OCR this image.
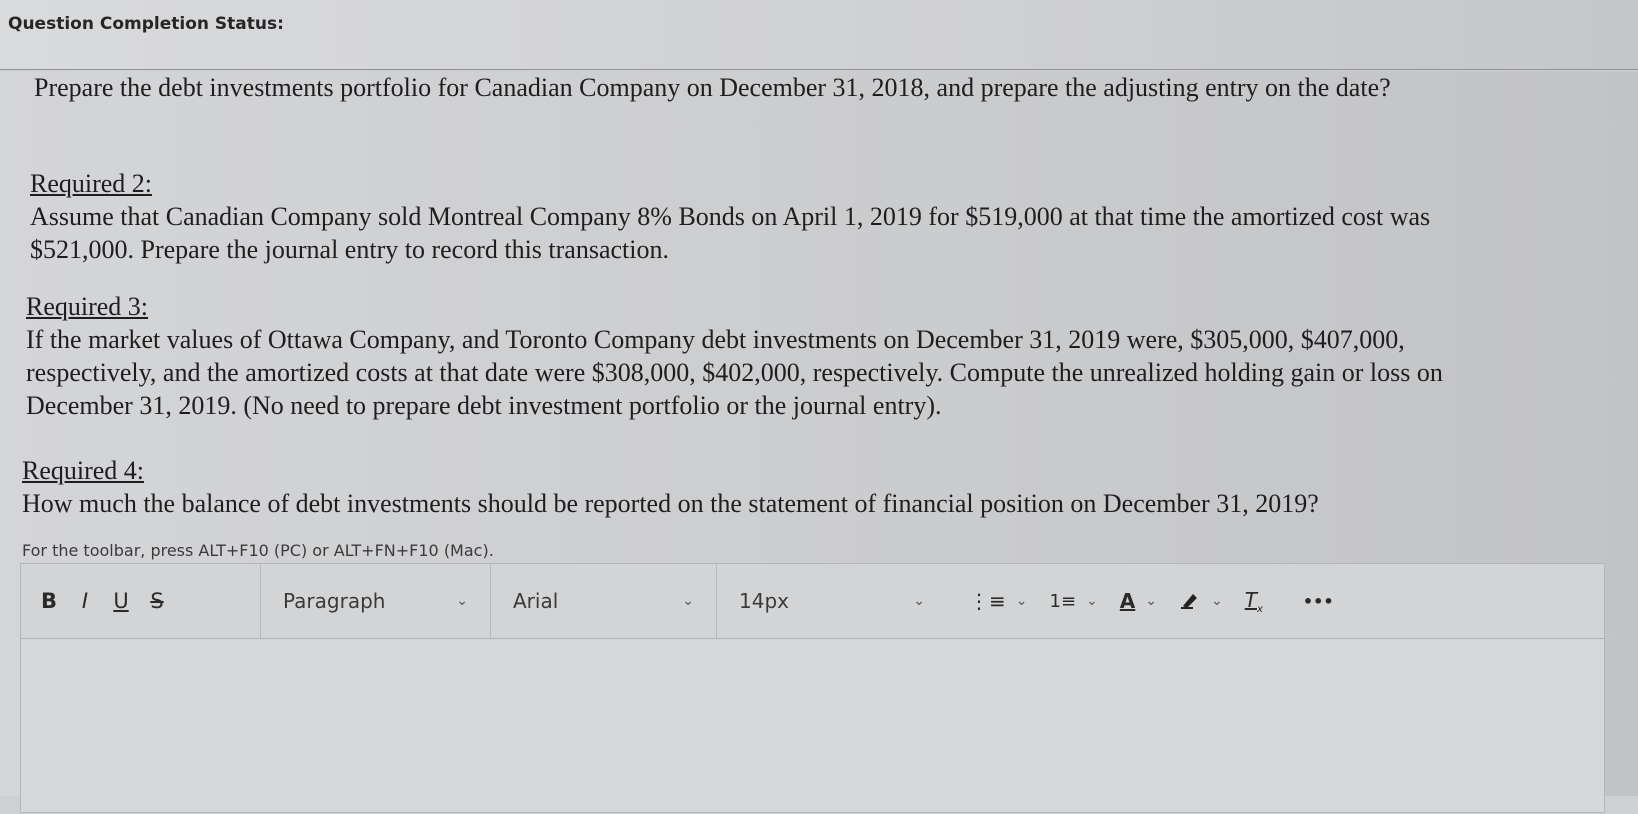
Question Completion Status:
Prepare the debt investments portfolio for Canadian Company on December 31, 2018, and prepare the adjusting entry on the date?
Required 2:
Assume that Canadian Company sold Montreal Company 8% Bonds on April 1, 2019 for $519,000 at that time the amortized cost was $521,000. Prepare the journal entry to record this transaction.
Required 3:
If the market values of Ottawa Company, and Toronto Company debt investments on December 31, 2019 were, $305,000, $407,000, respectively, and the amortized costs at that date were $308,000, $402,000, respectively. Compute the unrealized holding gain or loss on December 31, 2019. (No need to prepare debt investment portfolio or the journal entry).
Required 4:
How much the balance of debt investments should be reported on the statement of financial position on December 31, 2019?
For the toolbar, press ALT+F10 (PC) or ALT+FN+F10 (Mac).
B	I	U	S	Paragraph	⌄ Arial	⌄ 14px	⌄ ⋮≡ ⌄ 1≡ ⌄ A ⌄	⌄ $T_x$	•••
